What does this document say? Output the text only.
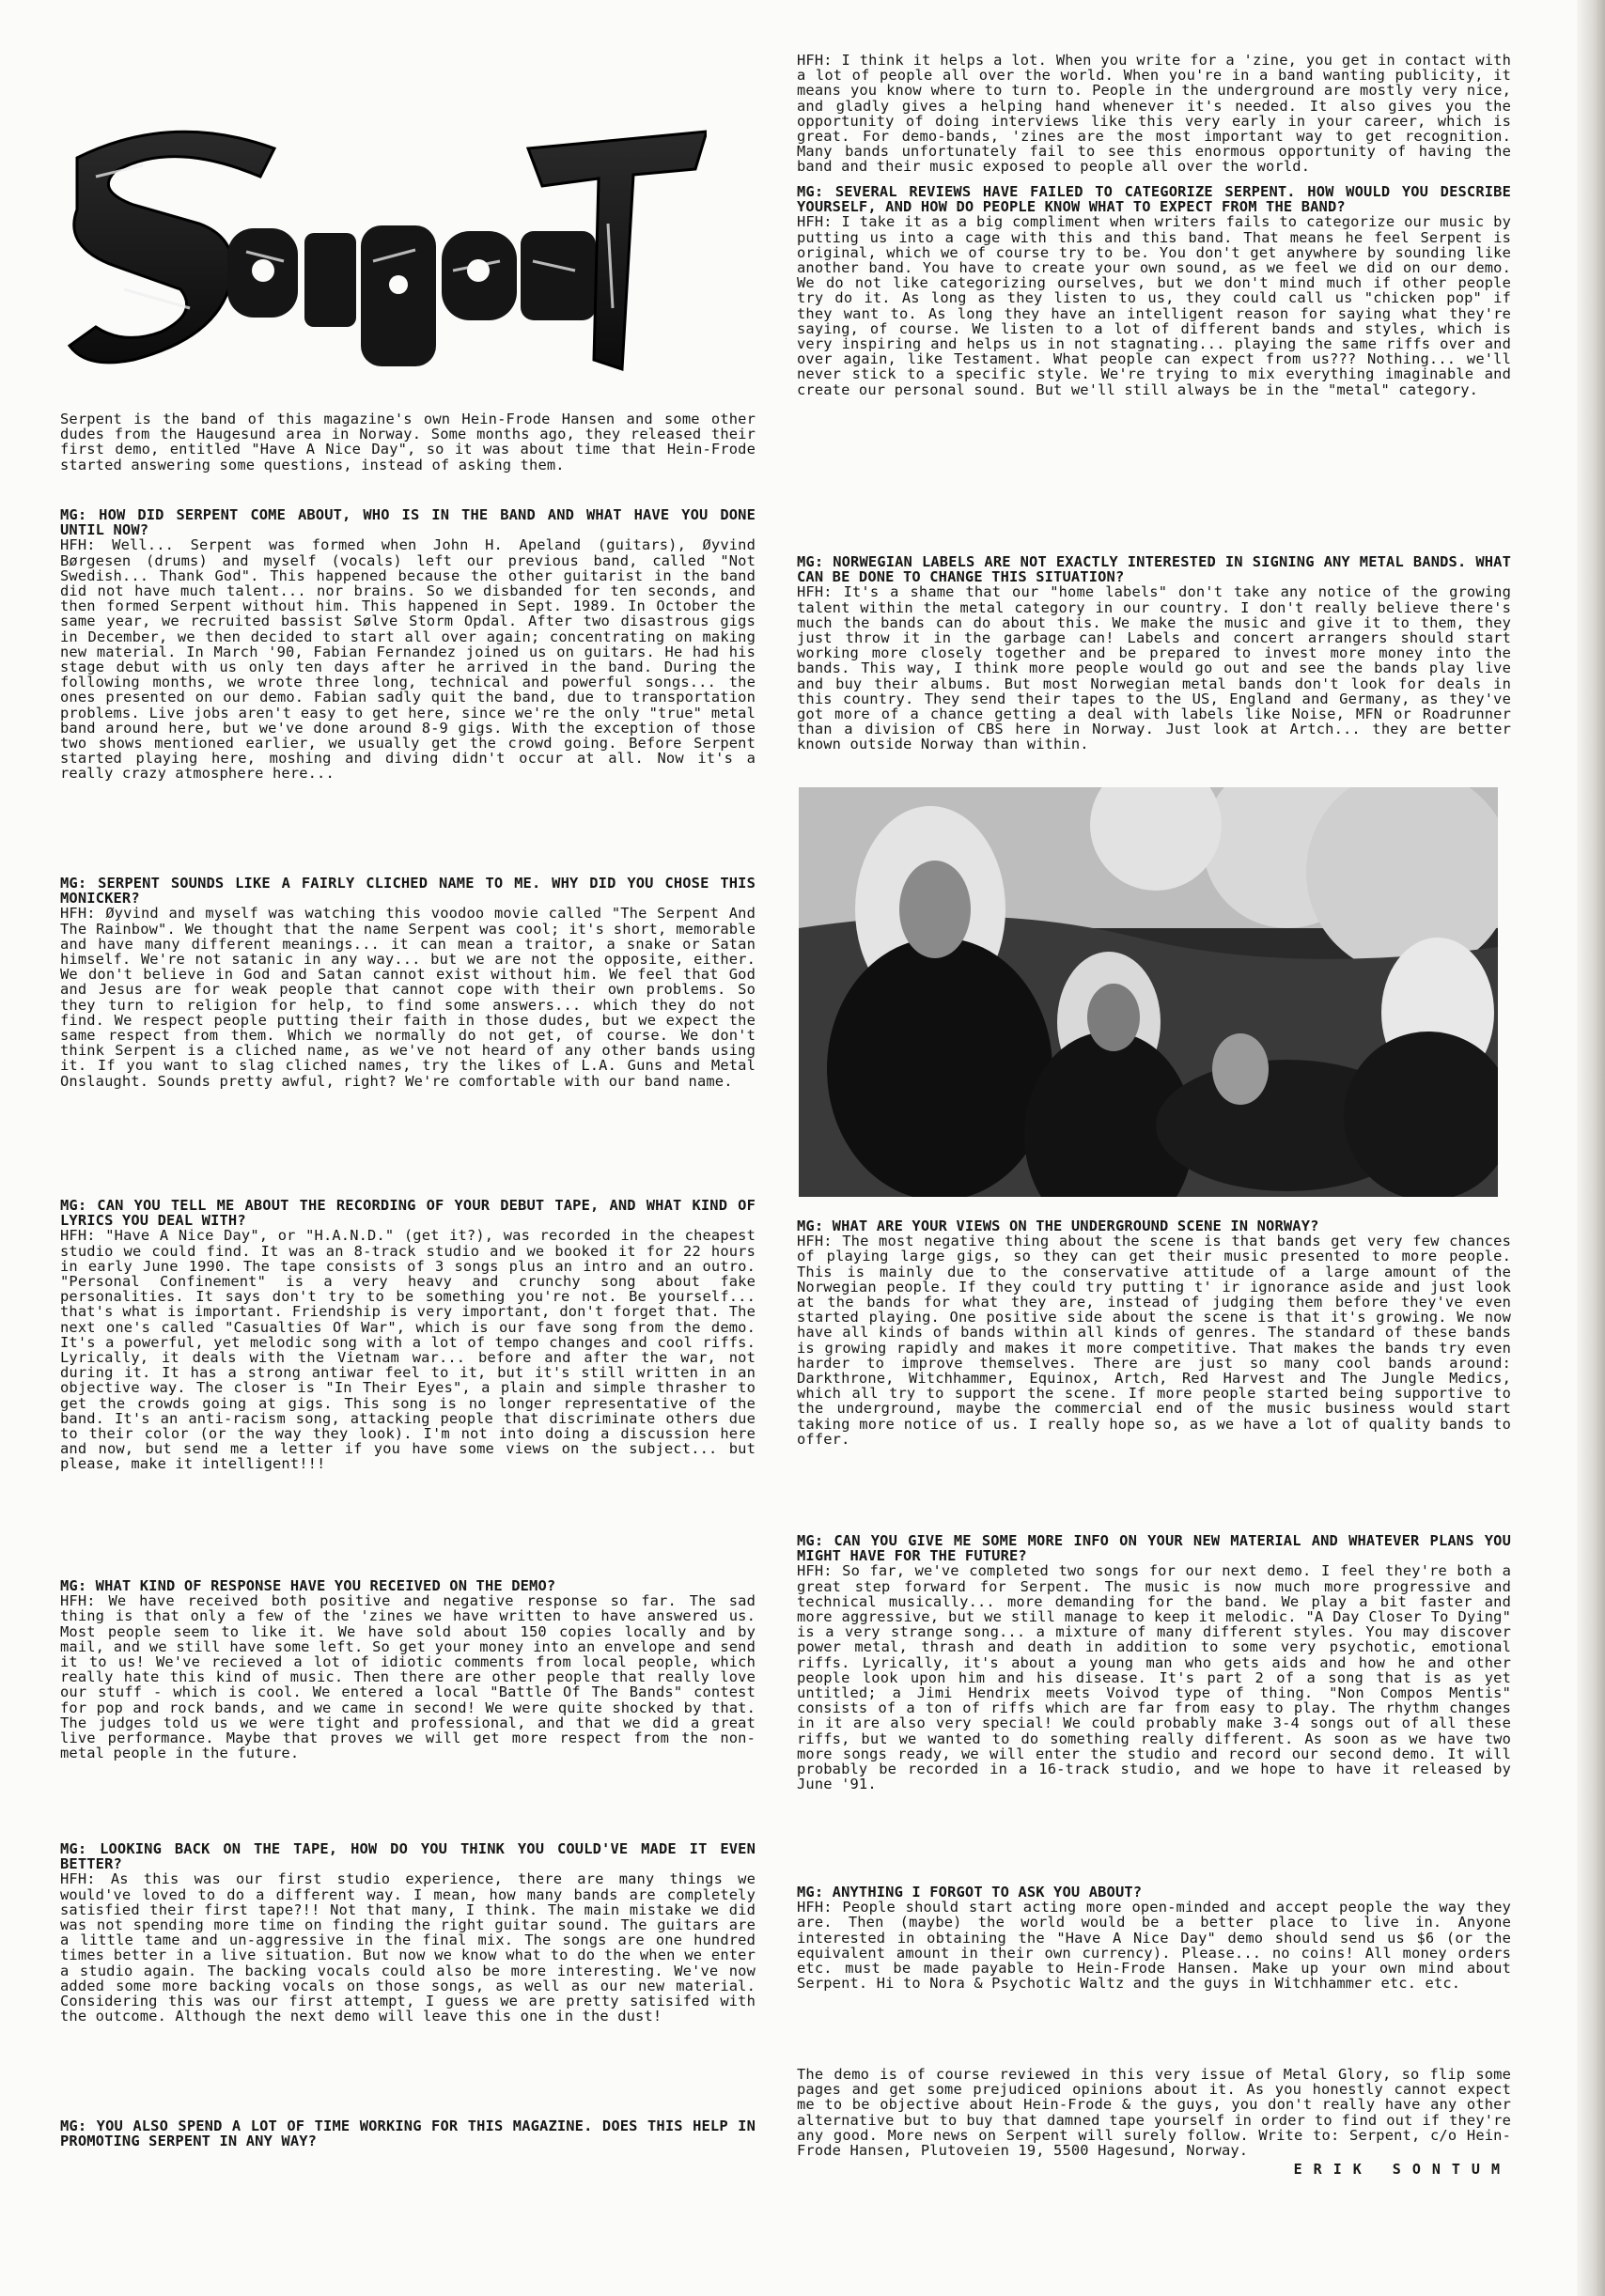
Serpent is the band of this magazine's own Hein-Frode Hansen and some other dudes from the Haugesund area in Norway. Some months ago, they released their first demo, entitled "Have A Nice Day", so it was about time that Hein-Frode started answering some questions, instead of asking them.

MG: HOW DID SERPENT COME ABOUT, WHO IS IN THE BAND AND WHAT HAVE YOU DONE UNTIL NOW?

HFH: Well... Serpent was formed when John H. Apeland (guitars), Øyvind Børgesen (drums) and myself (vocals) left our previous band, called "Not Swedish... Thank God". This happened because the other guitarist in the band did not have much talent... nor brains. So we disbanded for ten seconds, and then formed Serpent without him. This happened in Sept. 1989. In October the same year, we recruited bassist Sølve Storm Opdal. After two disastrous gigs in December, we then decided to start all over again; concentrating on making new material. In March '90, Fabian Fernandez joined us on guitars. He had his stage debut with us only ten days after he arrived in the band. During the following months, we wrote three long, technical and powerful songs... the ones presented on our demo. Fabian sadly quit the band, due to transportation problems. Live jobs aren't easy to get here, since we're the only "true" metal band around here, but we've done around 8-9 gigs. With the exception of those two shows mentioned earlier, we usually get the crowd going. Before Serpent started playing here, moshing and diving didn't occur at all. Now it's a really crazy atmosphere here...

MG: SERPENT SOUNDS LIKE A FAIRLY CLICHED NAME TO ME. WHY DID YOU CHOSE THIS MONICKER?

HFH: Øyvind and myself was watching this voodoo movie called "The Serpent And The Rainbow". We thought that the name Serpent was cool; it's short, memorable and have many different meanings... it can mean a traitor, a snake or Satan himself. We're not satanic in any way... but we are not the opposite, either. We don't believe in God and Satan cannot exist without him. We feel that God and Jesus are for weak people that cannot cope with their own problems. So they turn to religion for help, to find some answers... which they do not find. We respect people putting their faith in those dudes, but we expect the same respect from them. Which we normally do not get, of course. We don't think Serpent is a cliched name, as we've not heard of any other bands using it. If you want to slag cliched names, try the likes of L.A. Guns and Metal Onslaught. Sounds pretty awful, right? We're comfortable with our band name.

MG: CAN YOU TELL ME ABOUT THE RECORDING OF YOUR DEBUT TAPE, AND WHAT KIND OF LYRICS YOU DEAL WITH?

HFH: "Have A Nice Day", or "H.A.N.D." (get it?), was recorded in the cheapest studio we could find. It was an 8-track studio and we booked it for 22 hours in early June 1990. The tape consists of 3 songs plus an intro and an outro. "Personal Confinement" is a very heavy and crunchy song about fake personalities. It says don't try to be something you're not. Be yourself... that's what is important. Friendship is very important, don't forget that. The next one's called "Casualties Of War", which is our fave song from the demo. It's a powerful, yet melodic song with a lot of tempo changes and cool riffs. Lyrically, it deals with the Vietnam war... before and after the war, not during it. It has a strong antiwar feel to it, but it's still written in an objective way. The closer is "In Their Eyes", a plain and simple thrasher to get the crowds going at gigs. This song is no longer representative of the band. It's an anti-racism song, attacking people that discriminate others due to their color (or the way they look). I'm not into doing a discussion here and now, but send me a letter if you have some views on the subject... but please, make it intelligent!!!

MG: WHAT KIND OF RESPONSE HAVE YOU RECEIVED ON THE DEMO?

HFH: We have received both positive and negative response so far. The sad thing is that only a few of the 'zines we have written to have answered us. Most people seem to like it. We have sold about 150 copies locally and by mail, and we still have some left. So get your money into an envelope and send it to us! We've recieved a lot of idiotic comments from local people, which really hate this kind of music. Then there are other people that really love our stuff - which is cool. We entered a local "Battle Of The Bands" contest for pop and rock bands, and we came in second! We were quite shocked by that. The judges told us we were tight and professional, and that we did a great live performance. Maybe that proves we will get more respect from the non-metal people in the future.

MG: LOOKING BACK ON THE TAPE, HOW DO YOU THINK YOU COULD'VE MADE IT EVEN BETTER?

HFH: As this was our first studio experience, there are many things we would've loved to do a different way. I mean, how many bands are completely satisfied their first tape?!! Not that many, I think. The main mistake we did was not spending more time on finding the right guitar sound. The guitars are a little tame and un-aggressive in the final mix. The songs are one hundred times better in a live situation. But now we know what to do the when we enter a studio again. The backing vocals could also be more interesting. We've now added some more backing vocals on those songs, as well as our new material. Considering this was our first attempt, I guess we are pretty satisifed with the outcome. Although the next demo will leave this one in the dust!

MG: YOU ALSO SPEND A LOT OF TIME WORKING FOR THIS MAGAZINE. DOES THIS HELP IN PROMOTING SERPENT IN ANY WAY?

HFH: I think it helps a lot. When you write for a 'zine, you get in contact with a lot of people all over the world. When you're in a band wanting publicity, it means you know where to turn to. People in the underground are mostly very nice, and gladly gives a helping hand whenever it's needed. It also gives you the opportunity of doing interviews like this very early in your career, which is great. For demo-bands, 'zines are the most important way to get recognition. Many bands unfortunately fail to see this enormous opportunity of having the band and their music exposed to people all over the world.

MG: SEVERAL REVIEWS HAVE FAILED TO CATEGORIZE SERPENT. HOW WOULD YOU DESCRIBE YOURSELF, AND HOW DO PEOPLE KNOW WHAT TO EXPECT FROM THE BAND?

HFH: I take it as a big compliment when writers fails to categorize our music by putting us into a cage with this and this band. That means he feel Serpent is original, which we of course try to be. You don't get anywhere by sounding like another band. You have to create your own sound, as we feel we did on our demo. We do not like categorizing ourselves, but we don't mind much if other people try do it. As long as they listen to us, they could call us "chicken pop" if they want to. As long they have an intelligent reason for saying what they're saying, of course. We listen to a lot of different bands and styles, which is very inspiring and helps us in not stagnating... playing the same riffs over and over again, like Testament. What people can expect from us??? Nothing... we'll never stick to a specific style. We're trying to mix everything imaginable and create our personal sound. But we'll still always be in the "metal" category.

MG: NORWEGIAN LABELS ARE NOT EXACTLY INTERESTED IN SIGNING ANY METAL BANDS. WHAT CAN BE DONE TO CHANGE THIS SITUATION?

HFH: It's a shame that our "home labels" don't take any notice of the growing talent within the metal category in our country. I don't really believe there's much the bands can do about this. We make the music and give it to them, they just throw it in the garbage can! Labels and concert arrangers should start working more closely together and be prepared to invest more money into the bands. This way, I think more people would go out and see the bands play live and buy their albums. But most Norwegian metal bands don't look for deals in this country. They send their tapes to the US, England and Germany, as they've got more of a chance getting a deal with labels like Noise, MFN or Roadrunner than a division of CBS here in Norway. Just look at Artch... they are better known outside Norway than within.

MG: WHAT ARE YOUR VIEWS ON THE UNDERGROUND SCENE IN NORWAY?

HFH: The most negative thing about the scene is that bands get very few chances of playing large gigs, so they can get their music presented to more people. This is mainly due to the conservative attitude of a large amount of the Norwegian people. If they could try putting t' ir ignorance aside and just look at the bands for what they are, instead of judging them before they've even started playing. One positive side about the scene is that it's growing. We now have all kinds of bands within all kinds of genres. The standard of these bands is growing rapidly and makes it more competitive. That makes the bands try even harder to improve themselves. There are just so many cool bands around: Darkthrone, Witchhammer, Equinox, Artch, Red Harvest and The Jungle Medics, which all try to support the scene. If more people started being supportive to the underground, maybe the commercial end of the music business would start taking more notice of us. I really hope so, as we have a lot of quality bands to offer.

MG: CAN YOU GIVE ME SOME MORE INFO ON YOUR NEW MATERIAL AND WHATEVER PLANS YOU MIGHT HAVE FOR THE FUTURE?

HFH: So far, we've completed two songs for our next demo. I feel they're both a great step forward for Serpent. The music is now much more progressive and technical musically... more demanding for the band. We play a bit faster and more aggressive, but we still manage to keep it melodic. "A Day Closer To Dying" is a very strange song... a mixture of many different styles. You may discover power metal, thrash and death in addition to some very psychotic, emotional riffs. Lyrically, it's about a young man who gets aids and how he and other people look upon him and his disease. It's part 2 of a song that is as yet untitled; a Jimi Hendrix meets Voivod type of thing. "Non Compos Mentis" consists of a ton of riffs which are far from easy to play. The rhythm changes in it are also very special! We could probably make 3-4 songs out of all these riffs, but we wanted to do something really different. As soon as we have two more songs ready, we will enter the studio and record our second demo. It will probably be recorded in a 16-track studio, and we hope to have it released by June '91.

MG: ANYTHING I FORGOT TO ASK YOU ABOUT?

HFH: People should start acting more open-minded and accept people the way they are. Then (maybe) the world would be a better place to live in. Anyone interested in obtaining the "Have A Nice Day" demo should send us $6 (or the equivalent amount in their own currency). Please... no coins! All money orders etc. must be made payable to Hein-Frode Hansen. Make up your own mind about Serpent. Hi to Nora & Psychotic Waltz and the guys in Witchhammer etc. etc.

The demo is of course reviewed in this very issue of Metal Glory, so flip some pages and get some prejudiced opinions about it. As you honestly cannot expect me to be objective about Hein-Frode & the guys, you don't really have any other alternative but to buy that damned tape yourself in order to find out if they're any good. More news on Serpent will surely follow. Write to: Serpent, c/o Hein-Frode Hansen, Plutoveien 19, 5500 Hagesund, Norway.

ERIK SONTUM
